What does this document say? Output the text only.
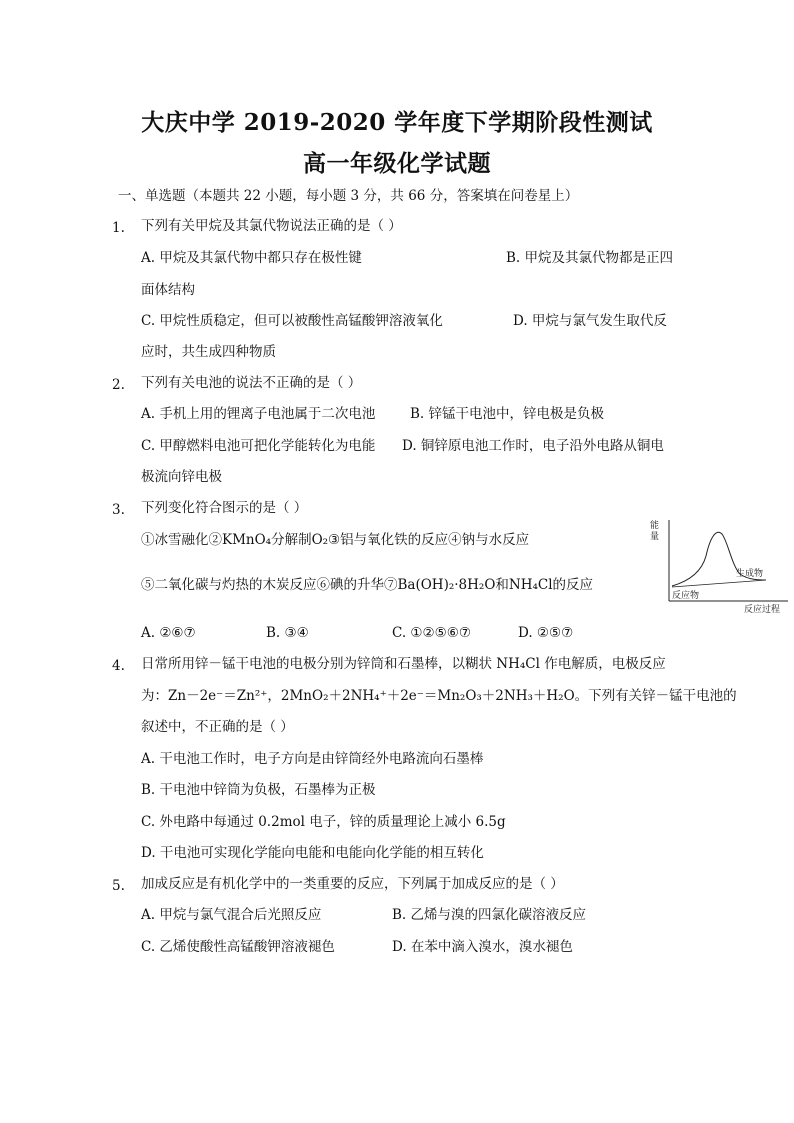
大庆中学 2019-2020 学年度下学期阶段性测试
高一年级化学试题
一、单选题（本题共 22 小题，每小题 3 分，共 66 分，答案填在问卷星上）
1. 下列有关甲烷及其氯代物说法正确的是（ ）
A. 甲烷及其氯代物中都只存在极性键	B. 甲烷及其氯代物都是正四
面体结构
C. 甲烷性质稳定，但可以被酸性高锰酸钾溶液氧化	D. 甲烷与氯气发生取代反
应时，共生成四种物质
2. 下列有关电池的说法不正确的是（ ）
A. 手机上用的锂离子电池属于二次电池	B. 锌锰干电池中，锌电极是负极
C. 甲醇燃料电池可把化学能转化为电能 D. 铜锌原电池工作时，电子沿外电路从铜电
极流向锌电极
3. 下列变化符合图示的是（ ）
①冰雪融化②KMnO₄分解制O₂③铝与氧化铁的反应④钠与水反应
⑤二氧化碳与灼热的木炭反应⑥碘的升华⑦Ba(OH)₂·8H₂O和NH₄Cl的反应
A. ②⑥⑦	B. ③④	C. ①②⑤⑥⑦	D. ②⑤⑦
能
量
反应物
生成物
反应过程
4. 日常所用锌－锰干电池的电极分别为锌筒和石墨棒，以糊状 NH₄Cl 作电解质，电极反应
为：Zn－2e⁻＝Zn²⁺，2MnO₂＋2NH₄⁺＋2e⁻＝Mn₂O₃＋2NH₃＋H₂O。下列有关锌－锰干电池的
叙述中，不正确的是（ ）
A. 干电池工作时，电子方向是由锌筒经外电路流向石墨棒
B. 干电池中锌筒为负极，石墨棒为正极
C. 外电路中每通过 0.2mol 电子，锌的质量理论上减小 6.5g
D. 干电池可实现化学能向电能和电能向化学能的相互转化
5. 加成反应是有机化学中的一类重要的反应，下列属于加成反应的是（ ）
A. 甲烷与氯气混合后光照反应	B. 乙烯与溴的四氯化碳溶液反应
C. 乙烯使酸性高锰酸钾溶液褪色	D. 在苯中滴入溴水，溴水褪色
